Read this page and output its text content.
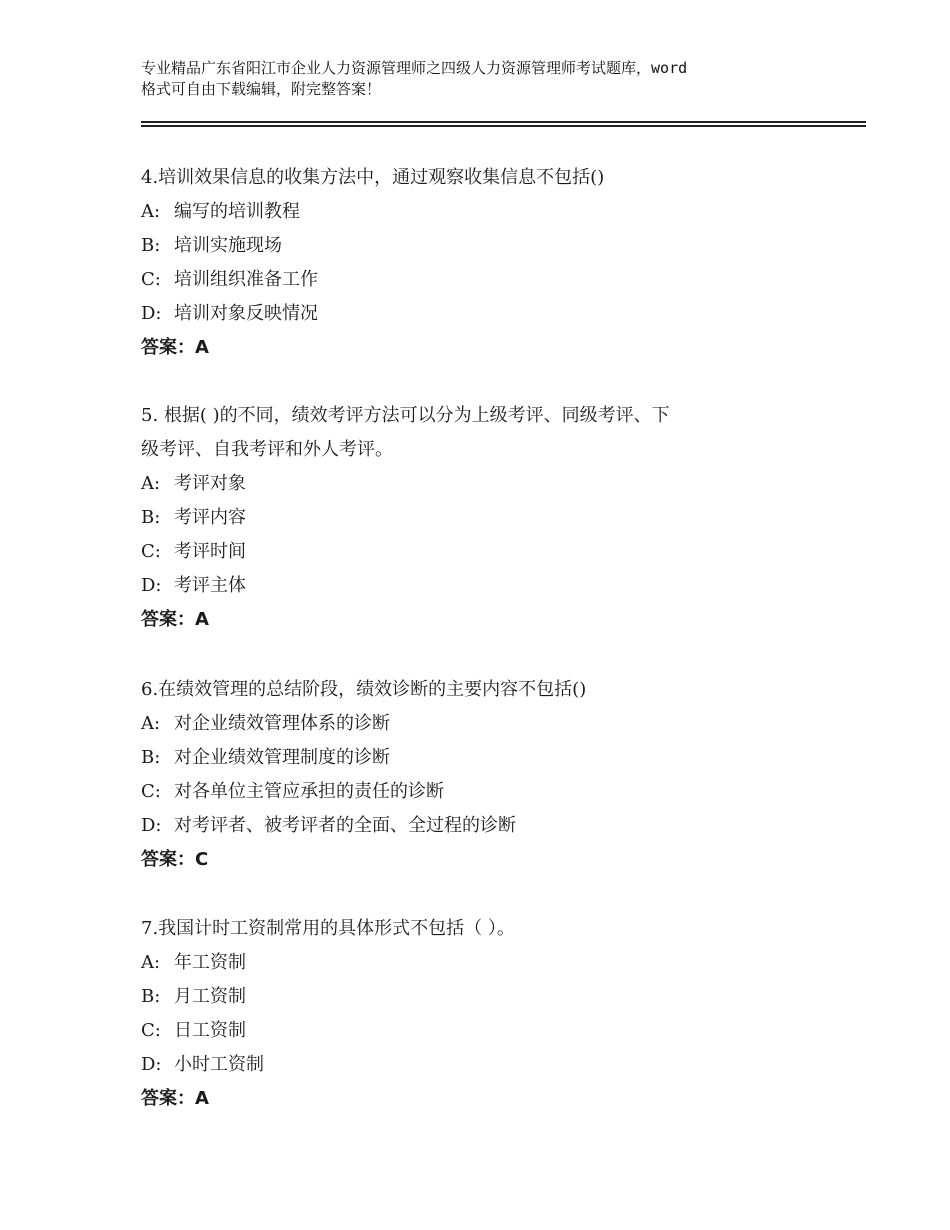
专业精品广东省阳江市企业人力资源管理师之四级人力资源管理师考试题库，word
格式可自由下载编辑，附完整答案！
4.培训效果信息的收集方法中，通过观察收集信息不包括()
A: 编写的培训教程
B: 培训实施现场
C: 培训组织准备工作
D: 培训对象反映情况
答案：A
5. 根据( )的不同，绩效考评方法可以分为上级考评、同级考评、下
级考评、自我考评和外人考评。
A: 考评对象
B: 考评内容
C: 考评时间
D: 考评主体
答案：A
6.在绩效管理的总结阶段，绩效诊断的主要内容不包括()
A: 对企业绩效管理体系的诊断
B: 对企业绩效管理制度的诊断
C: 对各单位主管应承担的责任的诊断
D: 对考评者、被考评者的全面、全过程的诊断
答案：C
7.我国计时工资制常用的具体形式不包括（ ）。
A: 年工资制
B: 月工资制
C: 日工资制
D: 小时工资制
答案：A
